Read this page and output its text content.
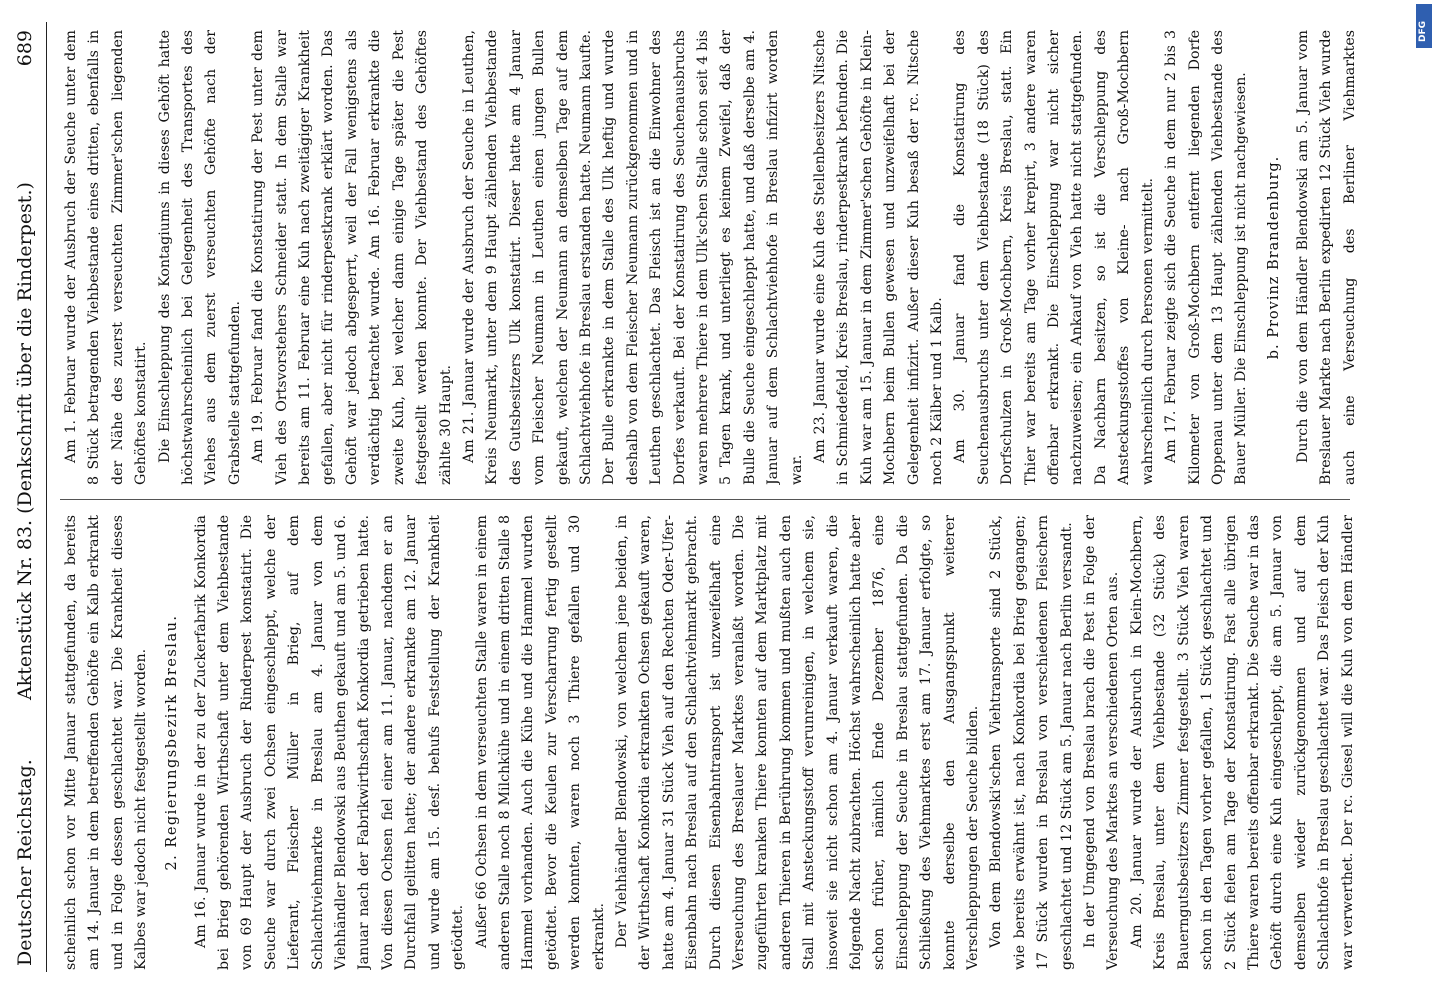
Deutscher Reichstag.
Aktenstück Nr. 83. (Denkschrift über die Rinderpest.)
689

scheinlich schon vor Mitte Januar stattgefunden, da bereits am 14. Januar in dem betreffenden Gehöfte ein Kalb erkrankt und in Folge dessen geschlachtet war. Die Krankheit dieses Kalbes war jedoch nicht festgestellt worden. 2. Regierungsbezirk Breslau. Am 16. Januar wurde in der zu der Zuckerfabrik Konkordia bei Brieg gehörenden Wirthschaft unter dem Viehbestande von 69 Haupt der Ausbruch der Rinderpest konstatirt. Die Seuche war durch zwei Ochsen eingeschleppt, welche der Lieferant, Fleischer Müller in Brieg, auf dem Schlachtviehmarkte in Breslau am 4. Januar von dem Viehhändler Blendowski aus Beuthen gekauft und am 5. und 6. Januar nach der Fabrikwirthschaft Konkordia getrieben hatte. Von diesen Ochsen fiel einer am 11. Januar, nachdem er an Durchfall gelitten hatte; der andere erkrankte am 12. Januar und wurde am 15. desf. behufs Feststellung der Krankheit getödtet. Außer 66 Ochsen in dem verseuchten Stalle waren in einem anderen Stalle noch 8 Milchkühe und in einem dritten Stalle 8 Hammel vorhanden. Auch die Kühe und die Hammel wurden getödtet. Bevor die Keulen zur Verscharrung fertig gestellt werden konnten, waren noch 3 Thiere gefallen und 30 erkrankt. Der Viehhändler Blendowski, von welchem jene beiden, in der Wirthschaft Konkordia erkrankten Ochsen gekauft waren, hatte am 4. Januar 31 Stück Vieh auf den Rechten Oder-Ufer-Eisenbahn nach Breslau auf den Schlachtviehmarkt gebracht. Durch diesen Eisenbahntransport ist unzweifelhaft eine Verseuchung des Breslauer Marktes veranlaßt worden. Die zugeführten kranken Thiere konnten auf dem Marktplatz mit anderen Thieren in Berührung kommen und mußten auch den Stall mit Ansteckungsstoff verunreinigen, in welchem sie, insoweit sie nicht schon am 4. Januar verkauft waren, die folgende Nacht zubrachten. Höchst wahrscheinlich hatte aber schon früher, nämlich Ende Dezember 1876, eine Einschleppung der Seuche in Breslau stattgefunden. Da die Schließung des Viehmarktes erst am 17. Januar erfolgte, so konnte derselbe den Ausgangspunkt weiterer Verschleppungen der Seuche bilden. Von dem Blendowski'schen Viehtransporte sind 2 Stück, wie bereits erwähnt ist, nach Konkordia bei Brieg gegangen; 17 Stück wurden in Breslau von verschiedenen Fleischern geschlachtet und 12 Stück am 5. Januar nach Berlin versandt. In der Umgegend von Breslau brach die Pest in Folge der Verseuchung des Marktes an verschiedenen Orten aus. Am 20. Januar wurde der Ausbruch in Klein-Mochbern, Kreis Breslau, unter dem Viehbestande (32 Stück) des Bauerngutsbesitzers Zimmer festgestellt. 3 Stück Vieh waren schon in den Tagen vorher gefallen, 1 Stück geschlachtet und 2 Stück fielen am Tage der Konstatirung. Fast alle übrigen Thiere waren bereits offenbar erkrankt. Die Seuche war in das Gehöft durch eine Kuh eingeschleppt, die am 5. Januar von demselben wieder zurückgenommen und auf dem Schlachthofe in Breslau geschlachtet war. Das Fleisch der Kuh war verwerthet. Der rc. Giesel will die Kuh von dem Händler

Am 1. Februar wurde der Ausbruch der Seuche unter dem 8 Stück betragenden Viehbestande eines dritten, ebenfalls in der Nähe des zuerst verseuchten Zimmer'schen liegenden Gehöftes konstatirt. Die Einschleppung des Kontagiums in dieses Gehöft hatte höchstwahrscheinlich bei Gelegenheit des Transportes des Viehes aus dem zuerst verseuchten Gehöfte nach der Grabstelle stattgefunden. Am 19. Februar fand die Konstatirung der Pest unter dem Vieh des Ortsvorstehers Schneider statt. In dem Stalle war bereits am 11. Februar eine Kuh nach zweitägiger Krankheit gefallen, aber nicht für rinderpestkrank erklärt worden. Das Gehöft war jedoch abgesperrt, weil der Fall wenigstens als verdächtig betrachtet wurde. Am 16. Februar erkrankte die zweite Kuh, bei welcher dann einige Tage später die Pest festgestellt werden konnte. Der Viehbestand des Gehöftes zählte 30 Haupt. Am 21. Januar wurde der Ausbruch der Seuche in Leuthen, Kreis Neumarkt, unter dem 9 Haupt zählenden Viehbestande des Gutsbesitzers Ulk konstatirt. Dieser hatte am 4 Januar vom Fleischer Neumann in Leuthen einen jungen Bullen gekauft, welchen der Neumann an demselben Tage auf dem Schlachtviehhofe in Breslau erstanden hatte. Neumann kaufte. Der Bulle erkrankte in dem Stalle des Ulk heftig und wurde deshalb von dem Fleischer Neumann zurückgenommen und in Leuthen geschlachtet. Das Fleisch ist an die Einwohner des Dorfes verkauft. Bei der Konstatirung des Seuchenausbruchs waren mehrere Thiere in dem Ulk'schen Stalle schon seit 4 bis 5 Tagen krank, und unterliegt es keinem Zweifel, daß der Bulle die Seuche eingeschleppt hatte, und daß derselbe am 4. Januar auf dem Schlachtviehhofe in Breslau infizirt worden war.

Am 23. Januar wurde eine Kuh des Stellenbesitzers Nitsche in Schmiedefeld, Kreis Breslau, rinderpestkrank befunden. Die Kuh war am 15. Januar in dem Zimmer'schen Gehöfte in Klein-Mochbern beim Bullen gewesen und unzweifelhaft bei der Gelegenheit infizirt. Außer dieser Kuh besaß der rc. Nitsche noch 2 Kälber und 1 Kalb. Am 30. Januar fand die Konstatirung des Seuchenausbruchs unter dem Viehbestande (18 Stück) des Dorfschulzen in Groß-Mochbern, Kreis Breslau, statt. Ein Thier war bereits am Tage vorher krepirt, 3 andere waren offenbar erkrankt. Die Einschleppung war nicht sicher nachzuweisen; ein Ankauf von Vieh hatte nicht stattgefunden. Da Nachbarn besitzen, so ist die Verschleppung des Ansteckungsstoffes von Kleine- nach Groß-Mochbern wahrscheinlich durch Personen vermittelt. Am 17. Februar zeigte sich die Seuche in dem nur 2 bis 3 Kilometer von Groß-Mochbern entfernt liegenden Dorfe Oppenau unter dem 13 Haupt zählenden Viehbestande des Bauer Müller. Die Einschleppung ist nicht nachgewiesen.	b. Provinz Brandenburg.

Durch die von dem Händler Blendowski am 5. Januar vom Breslauer Markte nach Berlin expedirten 12 Stück Vieh wurde auch eine Verseuchung des Berliner Viehmarktes	DFG
